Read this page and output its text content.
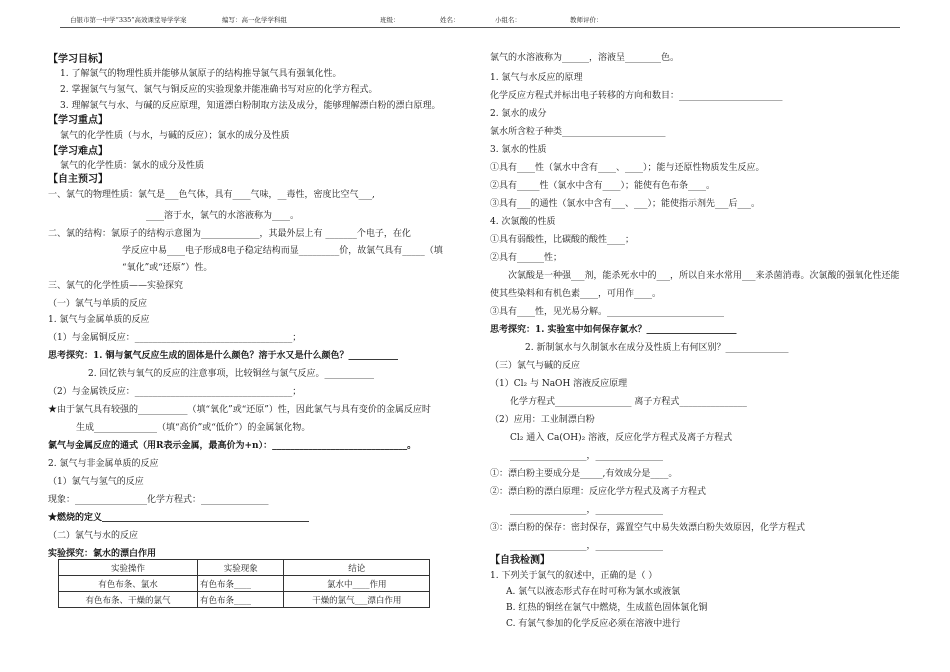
白银市第一中学“335”高效课堂导学学案	编写：高一化学学科组	班级：	姓名：	小组名：	教师评价：
【学习目标】
1. 了解氯气的物理性质并能够从氯原子的结构推导氯气具有强氧化性。
2. 掌握氯气与氢气、氯气与铜反应的实验现象并能准确书写对应的化学方程式。
3. 理解氯气与水、与碱的反应原理，知道漂白粉制取方法及成分，能够理解漂白粉的漂白原理。
【学习重点】
氯气的化学性质（与水，与碱的反应）；氯水的成分及性质
【学习难点】
氯气的化学性质：氯水的成分及性质
【自主预习】
一、氯气的物理性质：氯气是___色气体，具有____气味，__毒性，密度比空气___,
____溶于水，氯气的水溶液称为____。
二、氯的结构：氯原子的结构示意图为_____________，其最外层上有 _______个电子，在化
学反应中易____电子形成8电子稳定结构而显_________价，故氯气具有_____（填
“氧化”或“还原”）性。
三、氯气的化学性质——实验探究
（一）氯气与单质的反应
1. 氯气与金属单质的反应
（1）与金属铜反应：___________________________________；
思考探究：1. 铜与氯气反应生成的固体是什么颜色？溶于水又是什么颜色？___________
2. 回忆铁与氧气的反应的注意事项，比较铜丝与氯气反应。___________
（2）与金属铁反应：___________________________________；
★由于氯气具有较强的___________（填“氧化”或“还原”）性，因此氯气与具有变价的金属反应时
生成______________（填“高价”或“低价”）的金属氯化物。
氯气与金属反应的通式（用R表示金属，最高价为+n）：______________________________。
2. 氯气与非金属单质的反应
（1）氯气与氢气的反应
现象：________________化学方程式：_______________
★燃烧的定义______________________________________________
（二）氯气与水的反应
实验探究：氯水的漂白作用
氯气的水溶液称为______，溶液呈________色。
1. 氯气与水反应的原理
化学反应方程式并标出电子转移的方向和数目：_______________________
2. 氯水的成分
氯水所含粒子种类_______________________
3. 氯水的性质
①具有____性（氯水中含有____、____）；能与还原性物质发生反应。
②具有_____性（氯水中含有____）；能使有色布条____。
③具有___的通性（氯水中含有___、___）；能使指示剂先___后___。
4. 次氯酸的性质
①具有弱酸性，比碳酸的酸性____；
②具有______性；
次氯酸是一种强___剂，能杀死水中的___，所以自来水常用___来杀菌消毒。次氯酸的强氧化性还能
使其些染料和有机色素____，可用作____。
③具有____性，见光易分解。__________________________
思考探究：1. 实验室中如何保存氯水？____________________
2. 新制氯水与久制氯水在成分及性质上有何区别？______________
（三）氯气与碱的反应
（1）Cl₂ 与 NaOH 溶液反应原理
化学方程式_________________ 离子方程式_______________
（2）应用：工业制漂白粉
Cl₂ 通入 Ca(OH)₂ 溶液，反应化学方程式及离子方程式
_________________，_______________
①：漂白粉主要成分是_____,有效成分是____。
②：漂白粉的漂白原理：反应化学方程式及离子方程式
_________________，_______________
③：漂白粉的保存：密封保存，露置空气中易失效漂白粉失效原因，化学方程式
_________________，_______________
【自我检测】
1. 下列关于氯气的叙述中，正确的是（ ）
A. 氯气以液态形式存在时可称为氯水或液氯
B. 红热的铜丝在氯气中燃烧，生成蓝色固体氯化铜
C. 有氯气参加的化学反应必须在溶液中进行
实验操作	实验现象	结论
有色布条、氯水	有色布条____	氯水中____作用
有色布条、干燥的氯气	有色布条____	干燥的氯气___漂白作用
